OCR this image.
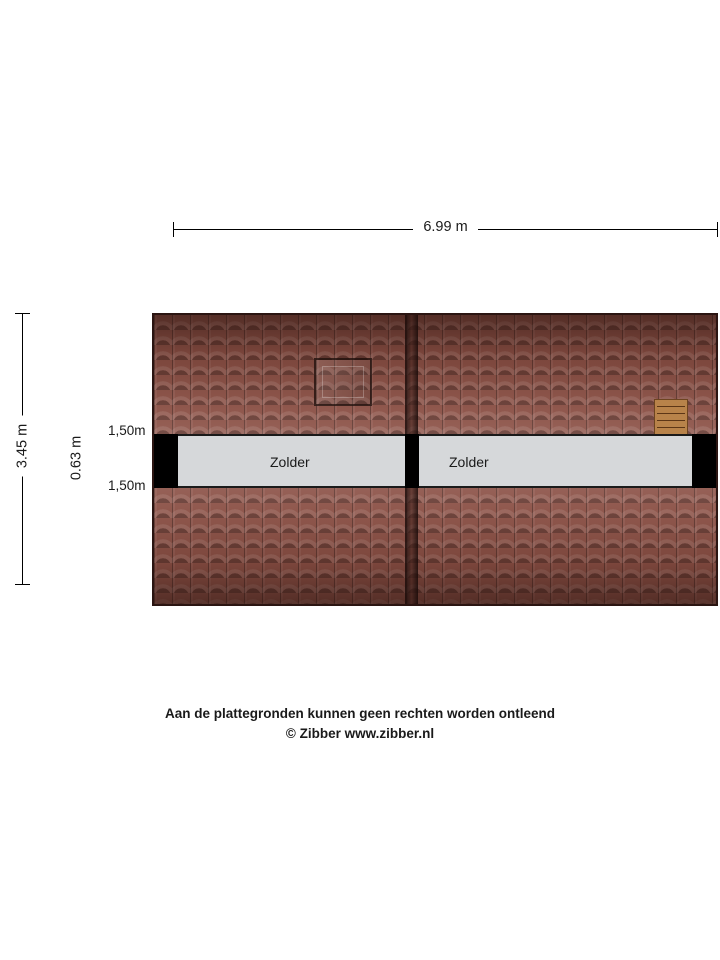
6.99 m
3.45 m	0.63 m	Zolder	Zolder
1,50m
1,50m
Aan de plattegronden kunnen geen rechten worden ontleend
© Zibber www.zibber.nl
